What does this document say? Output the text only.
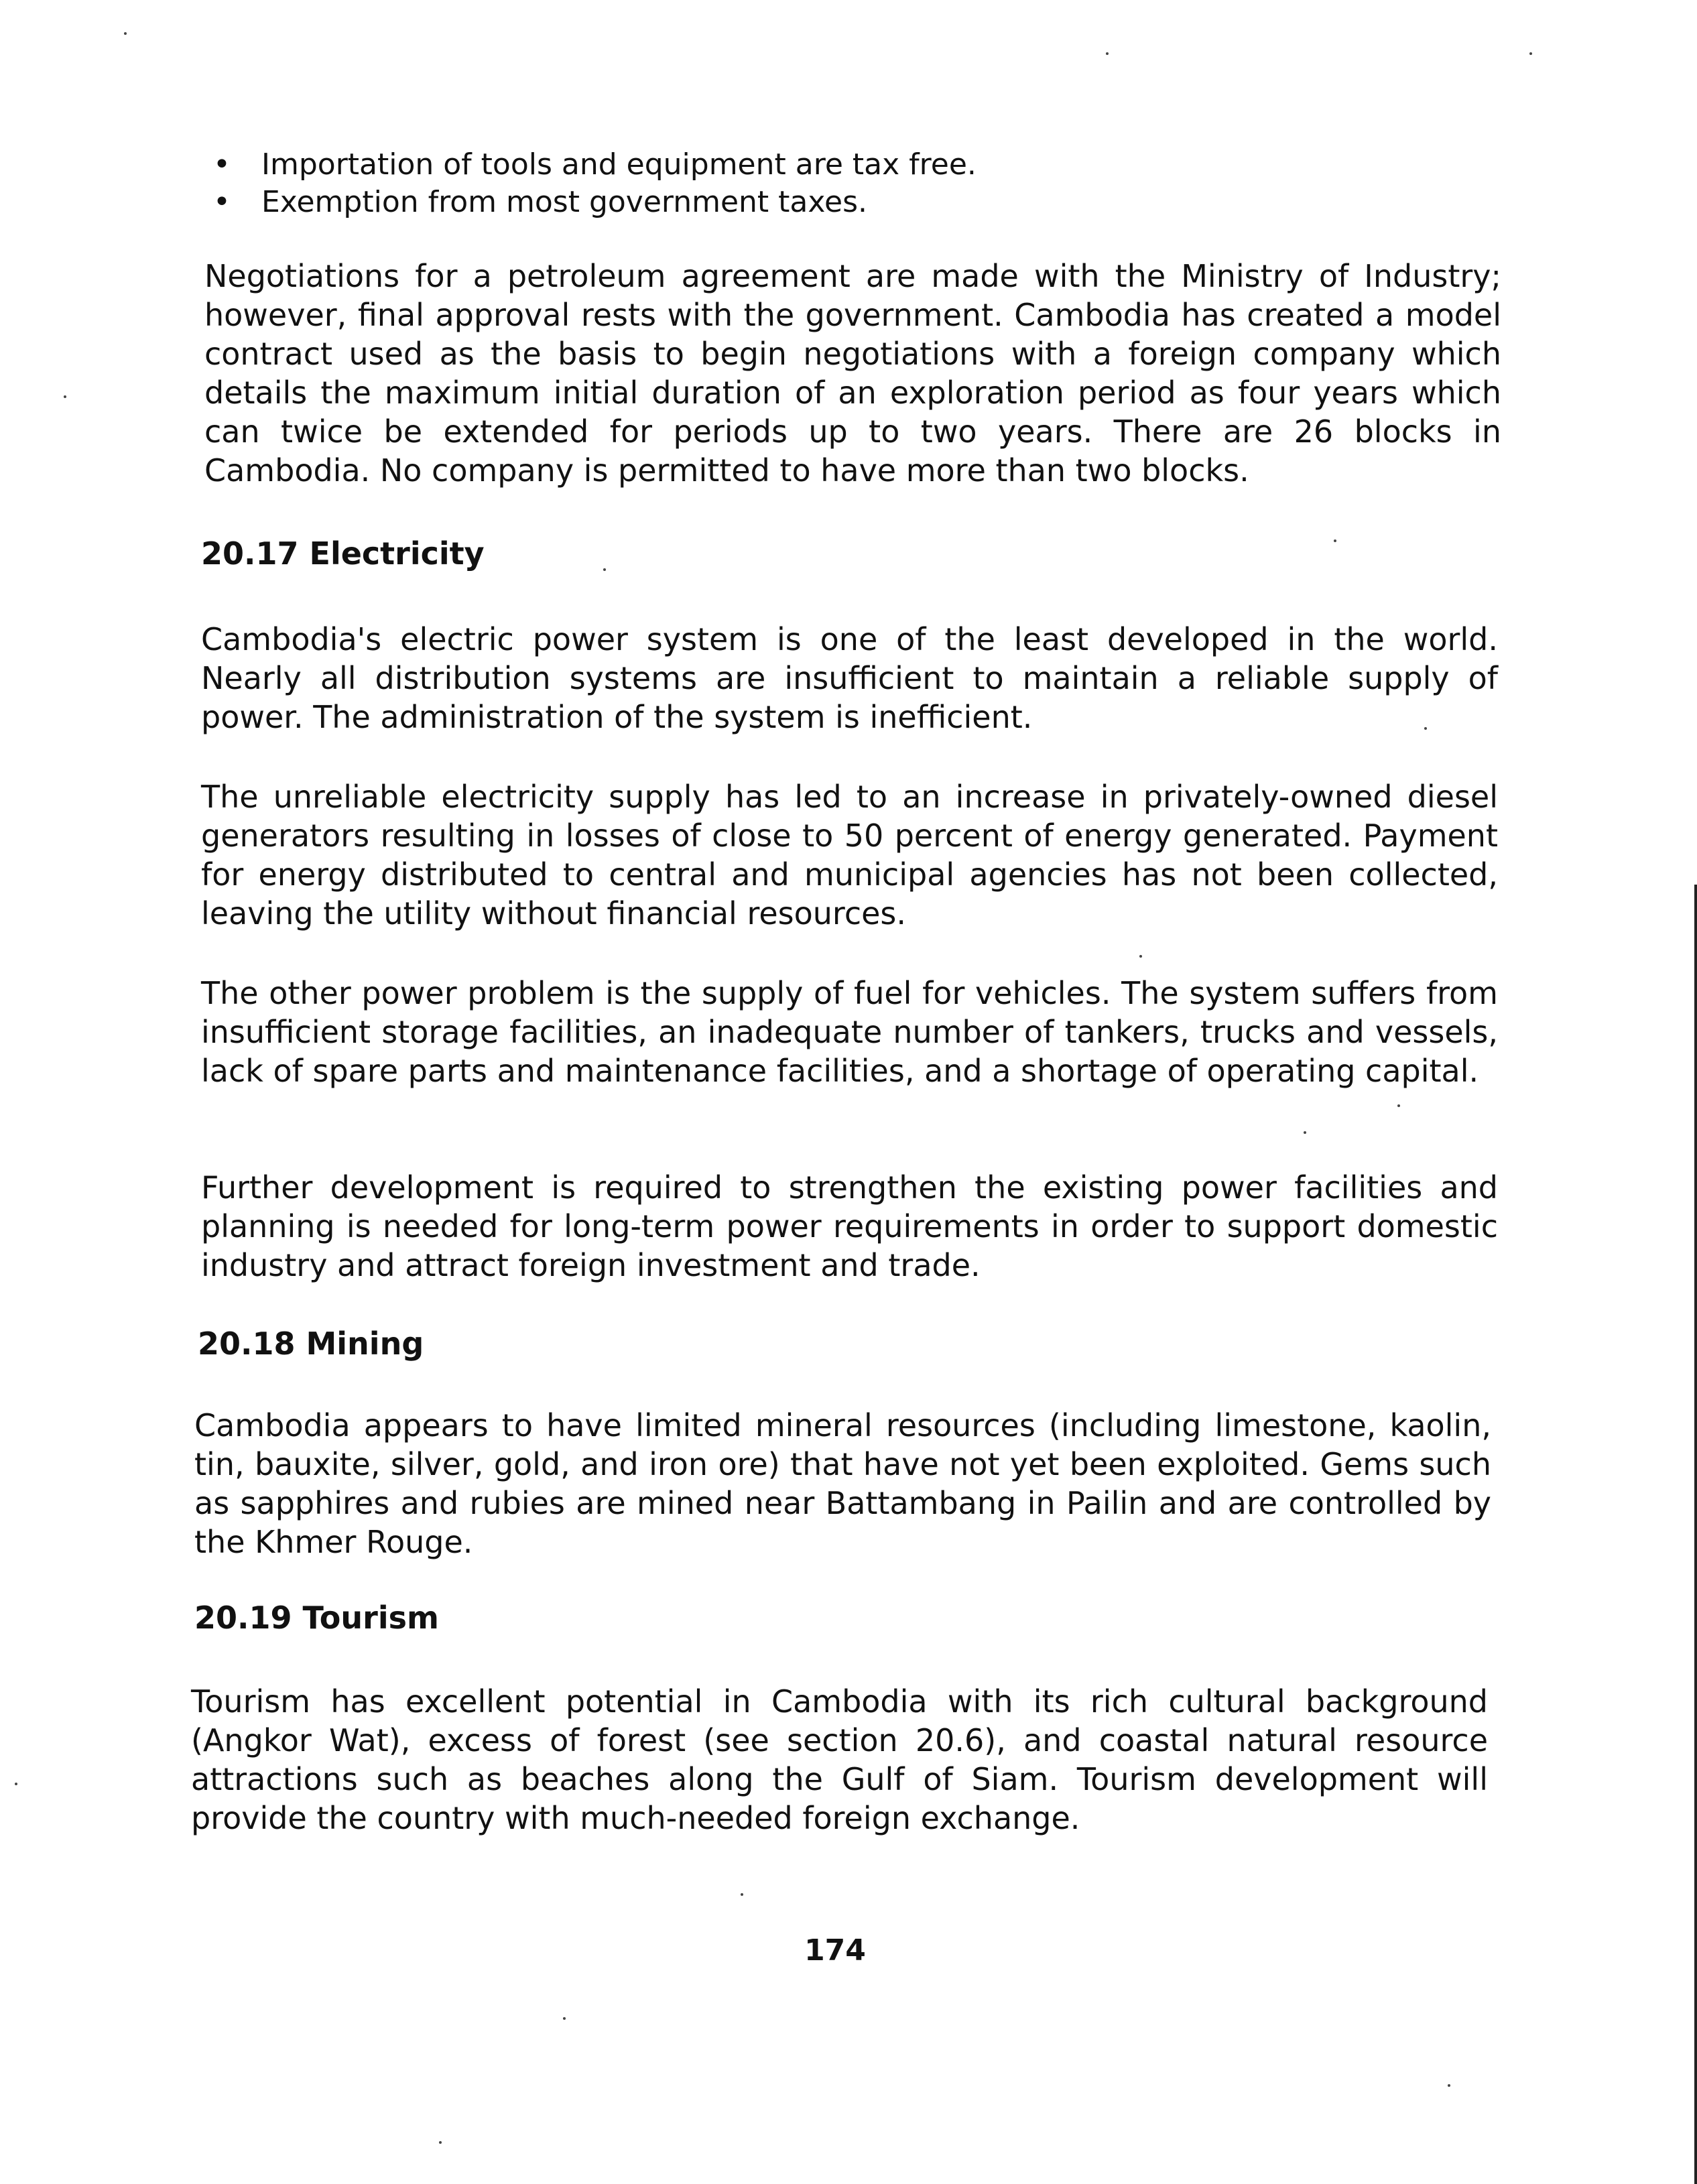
• Importation of tools and equipment are tax free.
• Exemption from most government taxes.

Negotiations for a petroleum agreement are made with the Ministry of Industry; however, final approval rests with the government. Cambodia has created a model contract used as the basis to begin negotiations with a foreign company which details the maximum initial duration of an exploration period as four years which can twice be extended for periods up to two years. There are 26 blocks in Cambodia. No company is permitted to have more than two blocks.

20.17 Electricity

Cambodia's electric power system is one of the least developed in the world. Nearly all distribution systems are insufficient to maintain a reliable supply of power. The administration of the system is inefficient.

The unreliable electricity supply has led to an increase in privately-owned diesel generators resulting in losses of close to 50 percent of energy generated. Payment for energy distributed to central and municipal agencies has not been collected, leaving the utility without financial resources.

The other power problem is the supply of fuel for vehicles. The system suffers from insufficient storage facilities, an inadequate number of tankers, trucks and vessels, lack of spare parts and maintenance facilities, and a shortage of operating capital.

Further development is required to strengthen the existing power facilities and planning is needed for long-term power requirements in order to support domestic industry and attract foreign investment and trade.

20.18 Mining

Cambodia appears to have limited mineral resources (including limestone, kaolin, tin, bauxite, silver, gold, and iron ore) that have not yet been exploited. Gems such as sapphires and rubies are mined near Battambang in Pailin and are controlled by the Khmer Rouge.

20.19 Tourism

Tourism has excellent potential in Cambodia with its rich cultural background (Angkor Wat), excess of forest (see section 20.6), and coastal natural resource attractions such as beaches along the Gulf of Siam. Tourism development will provide the country with much-needed foreign exchange.

174
